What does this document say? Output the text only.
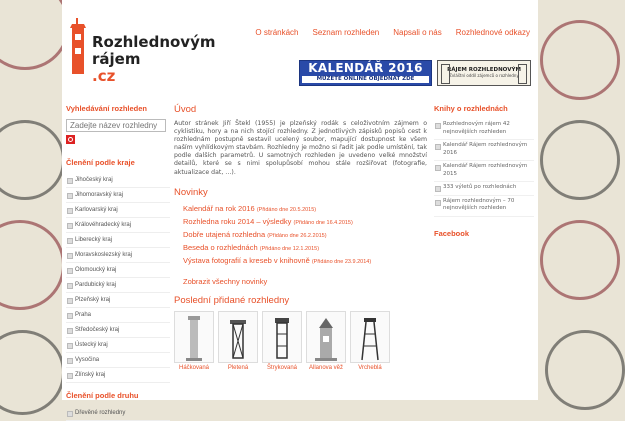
Rozhlednovým
rájem
.cz
O stránkách Seznam rozhleden Napsali o nás Rozhlednové odkazy
KALENDÁŘ 2016
MŮŽETE ONLINE OBJEDNAT ZDE
RÁJEM ROZHLEDNOVÝM
Zvláštní oddíl zájemců o rozhledny
Vyhledávání rozhleden
Zadejte název rozhledny
Členění podle kraje
Jihočeský kraj
Jihomoravský kraj
Karlovarský kraj
Královéhradecký kraj
Liberecký kraj
Moravskoslezský kraj
Olomoucký kraj
Pardubický kraj
Plzeňský kraj
Praha
Středočeský kraj
Ústecký kraj
Vysočina
Zlínský kraj
Členění podle druhu
Dřevěné rozhledny
Úvod

Autor stránek Jiří Štekl (1955) je plzeňský rodák s celoživotním zájmem o cyklistiku, hory a na nich stojící rozhledny. Z jednotlivých zápisků popisů cest k rozhlednám postupně sestavil ucelený soubor, mapující dostupnost ke všem naším vyhlídkovým stavbám. Rozhledny je možno si řadit jak podle umístění, tak podle dalších parametrů. U samotných rozhleden je uvedeno velké množství detailů, které se s nimi spolupůsobí mohou stále rozšiřovat (fotografie, aktualizace dat, …).

Novinky
Kalendář na rok 2016 (Přidáno dne 20.5.2015)
Rozhledna roku 2014 – výsledky (Přidáno dne 16.4.2015)
Dobře utajená rozhledna (Přidáno dne 26.2.2015)
Beseda o rozhlednách (Přidáno dne 12.1.2015)
Výstava fotografií a kreseb v knihovně (Přidáno dne 23.9.2014)
Zobrazit všechny novinky
Poslední přidané rozhledny
Háčkovaná	Pletená	Štrykovaná	Allanova věž	Vrcheblá
Knihy o rozhlednách
Rozhlednovým rájem 42 nejnovějších rozhleden
Kalendář Rájem rozhlednovým 2016
Kalendář Rájem rozhlednovým 2015
333 výletů po rozhlednách
Rájem rozhlednovým – 70 nejnovějších rozhleden
Facebook
